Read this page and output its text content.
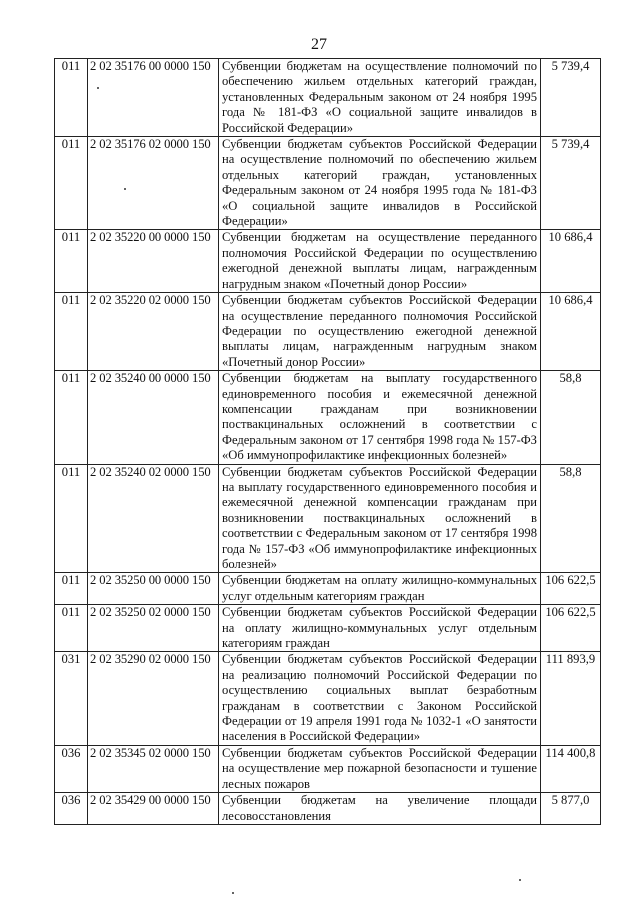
27
011	2 02 35176 00 0000 150	Субвенции бюджетам на осуществление полномочий по обеспечению жильем отдельных категорий граждан, установленных Федеральным законом от 24 ноября 1995 года № 181-ФЗ «О социальной защите инвалидов в Российской Федерации»	5 739,4
011	2 02 35176 02 0000 150	Субвенции бюджетам субъектов Российской Федерации на осуществление полномочий по обеспечению жильем отдельных категорий граждан, установленных Федеральным законом от 24 ноября 1995 года № 181-ФЗ «О социальной защите инвалидов в Российской Федерации»	5 739,4
011	2 02 35220 00 0000 150	Субвенции бюджетам на осуществление переданного полномочия Российской Федерации по осуществлению ежегодной денежной выплаты лицам, награжденным нагрудным знаком «Почетный донор России»	10 686,4
011	2 02 35220 02 0000 150	Субвенции бюджетам субъектов Российской Федерации на осуществление переданного полномочия Российской Федерации по осуществлению ежегодной денежной выплаты лицам, награжденным нагрудным знаком «Почетный донор России»	10 686,4
011	2 02 35240 00 0000 150	Субвенции бюджетам на выплату государственного единовременного пособия и ежемесячной денежной компенсации гражданам при возникновении поствакцинальных осложнений в соответствии с Федеральным законом от 17 сентября 1998 года № 157-ФЗ «Об иммунопрофилактике инфекционных болезней»	58,8
011	2 02 35240 02 0000 150	Субвенции бюджетам субъектов Российской Федерации на выплату государственного единовременного пособия и ежемесячной денежной компенсации гражданам при возникновении поствакцинальных осложнений в соответствии с Федеральным законом от 17 сентября 1998 года № 157-ФЗ «Об иммунопрофилактике инфекционных болезней»	58,8
011	2 02 35250 00 0000 150	Субвенции бюджетам на оплату жилищно-коммунальных услуг отдельным категориям граждан	106 622,5
011	2 02 35250 02 0000 150	Субвенции бюджетам субъектов Российской Федерации на оплату жилищно-коммунальных услуг отдельным категориям граждан	106 622,5
031	2 02 35290 02 0000 150	Субвенции бюджетам субъектов Российской Федерации на реализацию полномочий Российской Федерации по осуществлению социальных выплат безработным гражданам в соответствии с Законом Российской Федерации от 19 апреля 1991 года № 1032-1 «О занятости населения в Российской Федерации»	111 893,9
036	2 02 35345 02 0000 150	Субвенции бюджетам субъектов Российской Федерации на осуществление мер пожарной безопасности и тушение лесных пожаров	114 400,8
036	2 02 35429 00 0000 150	Субвенции бюджетам на увеличение площади лесовосстановления	5 877,0
